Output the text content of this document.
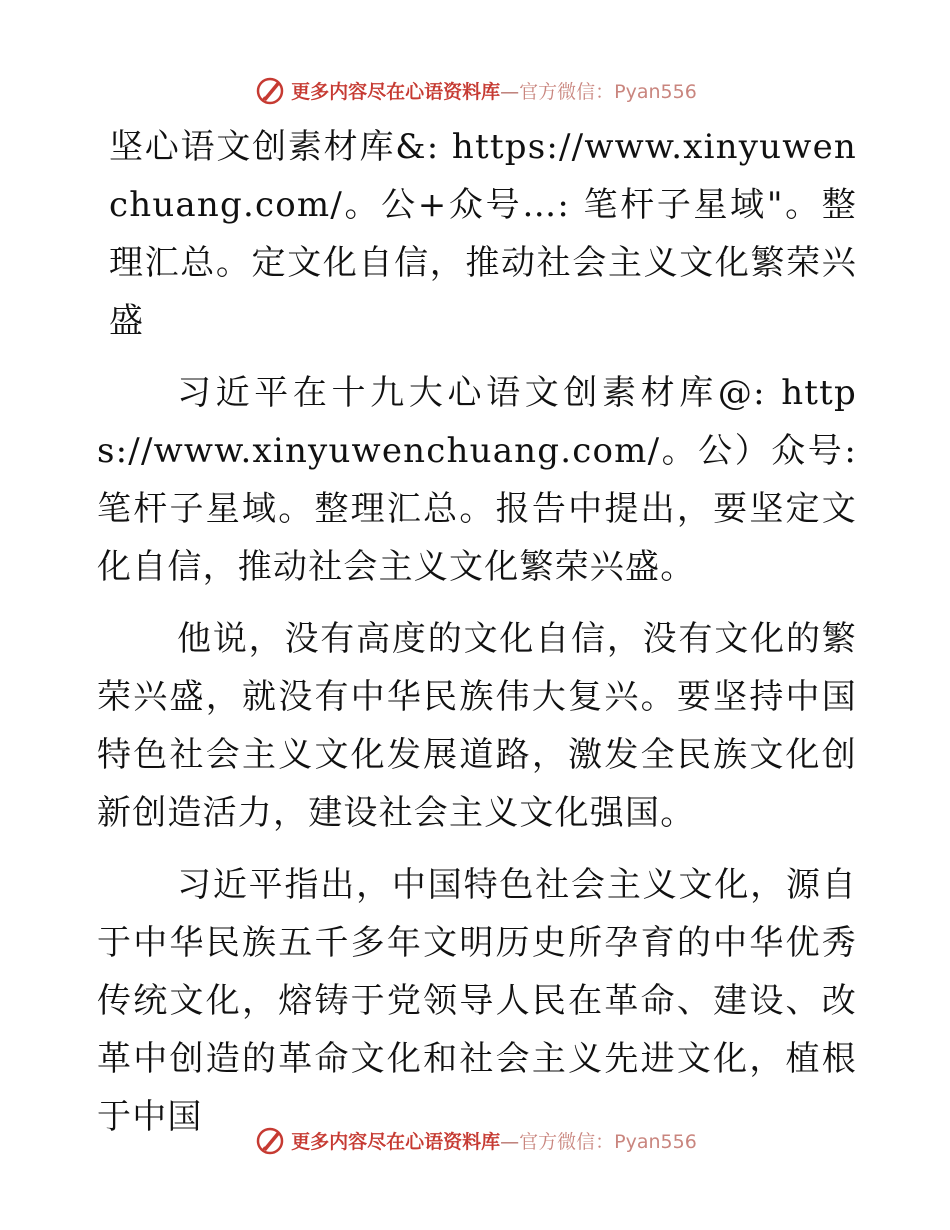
更多内容尽在心语资料库—官方微信：Pyan556

坚心语文创素材库&: https://www.xinyuwenchuang.com/。公+众号…: 笔杆子星域"。整理汇总。定文化自信，推动社会主义文化繁荣兴盛

习近平在十九大心语文创素材库@: https://www.xinyuwenchuang.com/。公）众号: 笔杆子星域。整理汇总。报告中提出，要坚定文化自信，推动社会主义文化繁荣兴盛。

他说，没有高度的文化自信，没有文化的繁荣兴盛，就没有中华民族伟大复兴。要坚持中国特色社会主义文化发展道路，激发全民族文化创新创造活力，建设社会主义文化强国。

习近平指出，中国特色社会主义文化，源自于中华民族五千多年文明历史所孕育的中华优秀传统文化，熔铸于党领导人民在革命、建设、改革中创造的革命文化和社会主义先进文化，植根于中国

更多内容尽在心语资料库—官方微信：Pyan556
